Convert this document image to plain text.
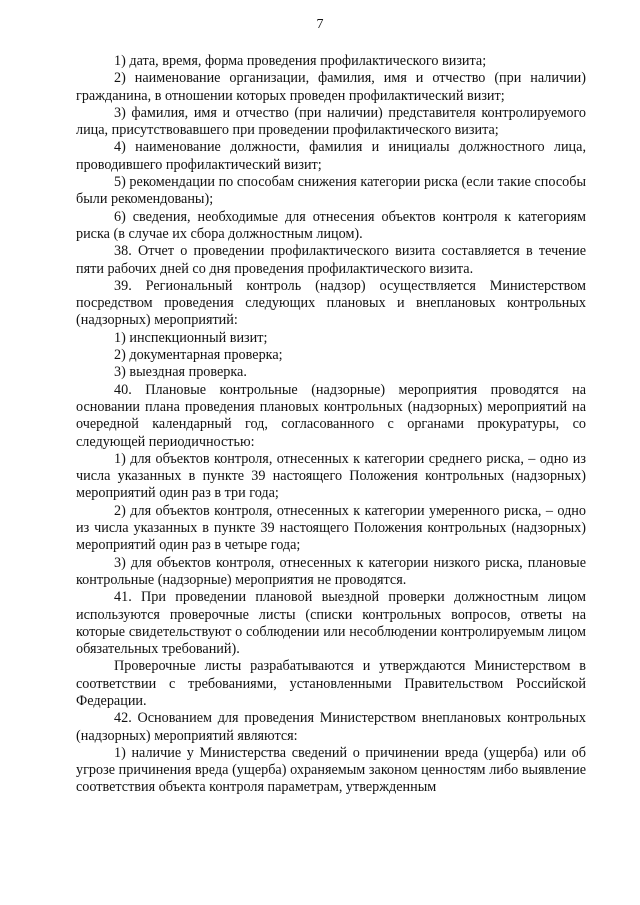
7

1) дата, время, форма проведения профилактического визита;

2) наименование организации, фамилия, имя и отчество (при наличии) гражданина, в отношении которых проведен профилактический визит;

3) фамилия, имя и отчество (при наличии) представителя контролируемого лица, присутствовавшего при проведении профилактического визита;

4) наименование должности, фамилия и инициалы должностного лица, проводившего профилактический визит;

5) рекомендации по способам снижения категории риска (если такие способы были рекомендованы);

6) сведения, необходимые для отнесения объектов контроля к категориям риска (в случае их сбора должностным лицом).

38. Отчет о проведении профилактического визита составляется в течение пяти рабочих дней со дня проведения профилактического визита.

39. Региональный контроль (надзор) осуществляется Министерством посредством проведения следующих плановых и внеплановых контрольных (надзорных) мероприятий:

1) инспекционный визит;

2) документарная проверка;

3) выездная проверка.

40. Плановые контрольные (надзорные) мероприятия проводятся на основании плана проведения плановых контрольных (надзорных) мероприятий на очередной календарный год, согласованного с органами прокуратуры, со следующей периодичностью:

1) для объектов контроля, отнесенных к категории среднего риска, – одно из числа указанных в пункте 39 настоящего Положения контрольных (надзорных) мероприятий один раз в три года;

2) для объектов контроля, отнесенных к категории умеренного риска, – одно из числа указанных в пункте 39 настоящего Положения контрольных (надзорных) мероприятий один раз в четыре года;

3) для объектов контроля, отнесенных к категории низкого риска, плановые контрольные (надзорные) мероприятия не проводятся.

41. При проведении плановой выездной проверки должностным лицом используются проверочные листы (списки контрольных вопросов, ответы на которые свидетельствуют о соблюдении или несоблюдении контролируемым лицом обязательных требований).

Проверочные листы разрабатываются и утверждаются Министерством в соответствии с требованиями, установленными Правительством Российской Федерации.

42. Основанием для проведения Министерством внеплановых контрольных (надзорных) мероприятий являются:

1) наличие у Министерства сведений о причинении вреда (ущерба) или об угрозе причинения вреда (ущерба) охраняемым законом ценностям либо выявление соответствия объекта контроля параметрам, утвержденным
